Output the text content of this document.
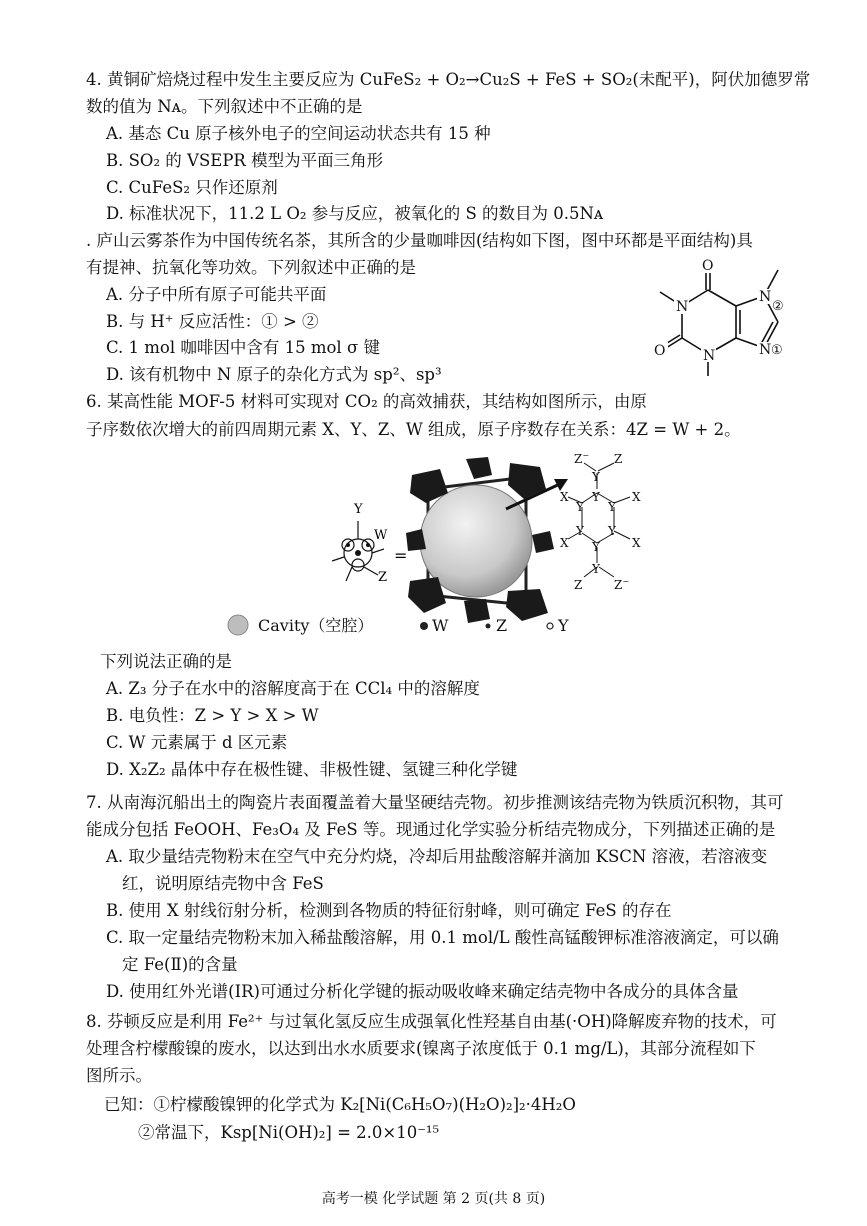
4. 黄铜矿焙烧过程中发生主要反应为 CuFeS₂ + O₂→Cu₂S + FeS + SO₂(未配平)，阿伏加德罗常
数的值为 Nᴀ。下列叙述中不正确的是
A. 基态 Cu 原子核外电子的空间运动状态共有 15 种
B. SO₂ 的 VSEPR 模型为平面三角形
C. CuFeS₂ 只作还原剂
D. 标准状况下，11.2 L O₂ 参与反应，被氧化的 S 的数目为 0.5Nᴀ
. 庐山云雾茶作为中国传统名茶，其所含的少量咖啡因(结构如下图，图中环都是平面结构)具
有提神、抗氧化等功效。下列叙述中正确的是
A. 分子中所有原子可能共平面
B. 与 H⁺ 反应活性：① > ②
C. 1 mol 咖啡因中含有 15 mol σ 键
D. 该有机物中 N 原子的杂化方式为 sp²、sp³
O
O
N
N
N
②
N ①
6. 某高性能 MOF-5 材料可实现对 CO₂ 的高效捕获，其结构如图所示，由原
子序数依次增大的前四周期元素 X、Y、Z、W 组成，原子序数存在关系：4Z = W + 2。
Y
W
Z
=
Z− Z
Y
Y
Y Y
Y Y
Y
Y
X	X
X	X
Z	Z−
Cavity（空腔）	W	Z	Y
下列说法正确的是
A. Z₃ 分子在水中的溶解度高于在 CCl₄ 中的溶解度
B. 电负性：Z > Y > X > W
C. W 元素属于 d 区元素
D. X₂Z₂ 晶体中存在极性键、非极性键、氢键三种化学键
7. 从南海沉船出土的陶瓷片表面覆盖着大量坚硬结壳物。初步推测该结壳物为铁质沉积物，其可
能成分包括 FeOOH、Fe₃O₄ 及 FeS 等。现通过化学实验分析结壳物成分，下列描述正确的是
A. 取少量结壳物粉末在空气中充分灼烧，冷却后用盐酸溶解并滴加 KSCN 溶液，若溶液变
红，说明原结壳物中含 FeS
B. 使用 X 射线衍射分析，检测到各物质的特征衍射峰，则可确定 FeS 的存在
C. 取一定量结壳物粉末加入稀盐酸溶解，用 0.1 mol/L 酸性高锰酸钾标准溶液滴定，可以确
定 Fe(Ⅱ)的含量
D. 使用红外光谱(IR)可通过分析化学键的振动吸收峰来确定结壳物中各成分的具体含量
8. 芬顿反应是利用 Fe²⁺ 与过氧化氢反应生成强氧化性羟基自由基(·OH)降解废弃物的技术，可
处理含柠檬酸镍的废水，以达到出水水质要求(镍离子浓度低于 0.1 mg/L)，其部分流程如下
图所示。
已知：①柠檬酸镍钾的化学式为 K₂[Ni(C₆H₅O₇)(H₂O)₂]₂·4H₂O
②常温下，Ksp[Ni(OH)₂] = 2.0×10⁻¹⁵
高考一模 化学试题 第 2 页(共 8 页)
